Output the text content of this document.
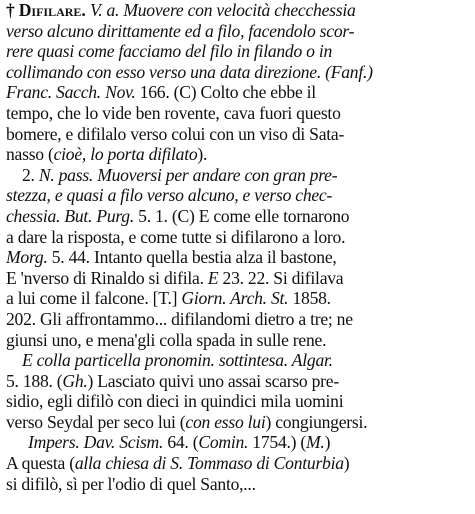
† Difilare. V. a. Muovere con velocità checchessia
verso alcuno dirittamente ed a filo, facendolo scor-
rere quasi come facciamo del filo in filando o in
collimando con esso verso una data direzione. (Fanf.)
Franc. Sacch. Nov. 166. (C) Colto che ebbe il
tempo, che lo vide ben rovente, cava fuori questo
bomere, e difilalo verso colui con un viso di Sata-
nasso (cioè, lo porta difilato).
2. N. pass. Muoversi per andare con gran pre-
stezza, e quasi a filo verso alcuno, e verso chec-
chessia. But. Purg. 5. 1. (C) E come elle tornarono
a dare la risposta, e come tutte si difilarono a loro.
Morg. 5. 44. Intanto quella bestia alza il bastone,
E 'nverso di Rinaldo si difila. E 23. 22. Si difilava
a lui come il falcone. [T.] Giorn. Arch. St. 1858.
202. Gli affrontammo... difilandomi dietro a tre; ne
giunsi uno, e mena'gli colla spada in sulle rene.
E colla particella pronomin. sottintesa. Algar.
5. 188. (Gh.) Lasciato quivi uno assai scarso pre-
sidio, egli difilò con dieci in quindici mila uomini
verso Seydal per seco lui (con esso lui) congiungersi.
Impers. Dav. Scism. 64. (Comin. 1754.) (M.)
A questa (alla chiesa di S. Tommaso di Conturbia)
si difilò, sì per l'odio di quel Santo,...
